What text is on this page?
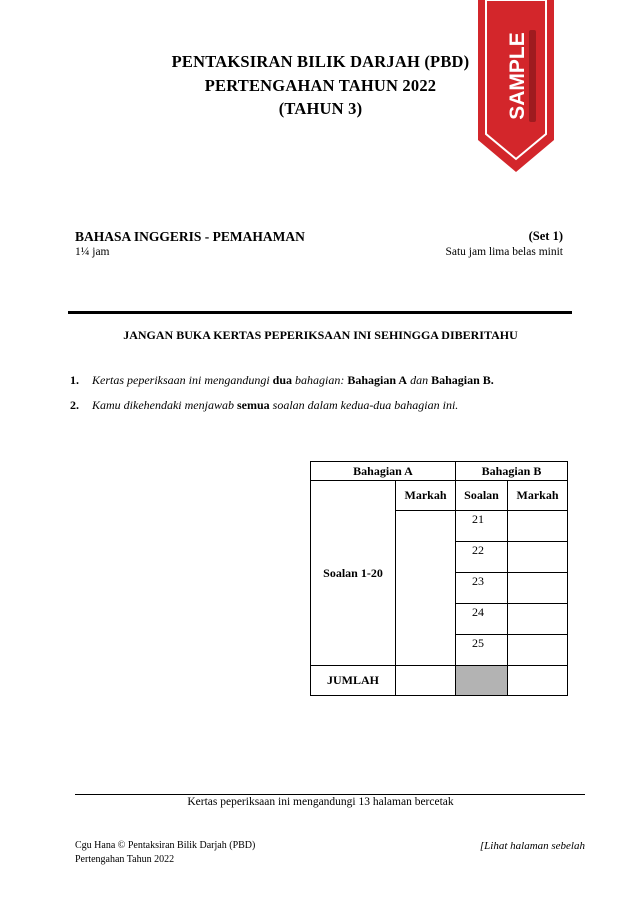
PENTAKSIRAN BILIK DARJAH (PBD)
PERTENGAHAN TAHUN 2022
(TAHUN 3)	SAMPLE
BAHASA INGGERIS - PEMAHAMAN	(Set 1)
1¼ jam	Satu jam lima belas minit
JANGAN BUKA KERTAS PEPERIKSAAN INI SEHINGGA DIBERITAHU
1. Kertas peperiksaan ini mengandungi dua bahagian: Bahagian A dan Bahagian B.
2. Kamu dikehendaki menjawab semua soalan dalam kedua-dua bahagian ini.
Bahagian A		Bahagian B	
Soalan 1-20	Markah	Soalan	Markah
		21	
		22	
		23	
		24	
		25	
JUMLAH			
Kertas peperiksaan ini mengandungi 13 halaman bercetak
Cgu Hana © Pentaksiran Bilik Darjah (PBD)
Pertengahan Tahun 2022
[Lihat halaman sebelah
